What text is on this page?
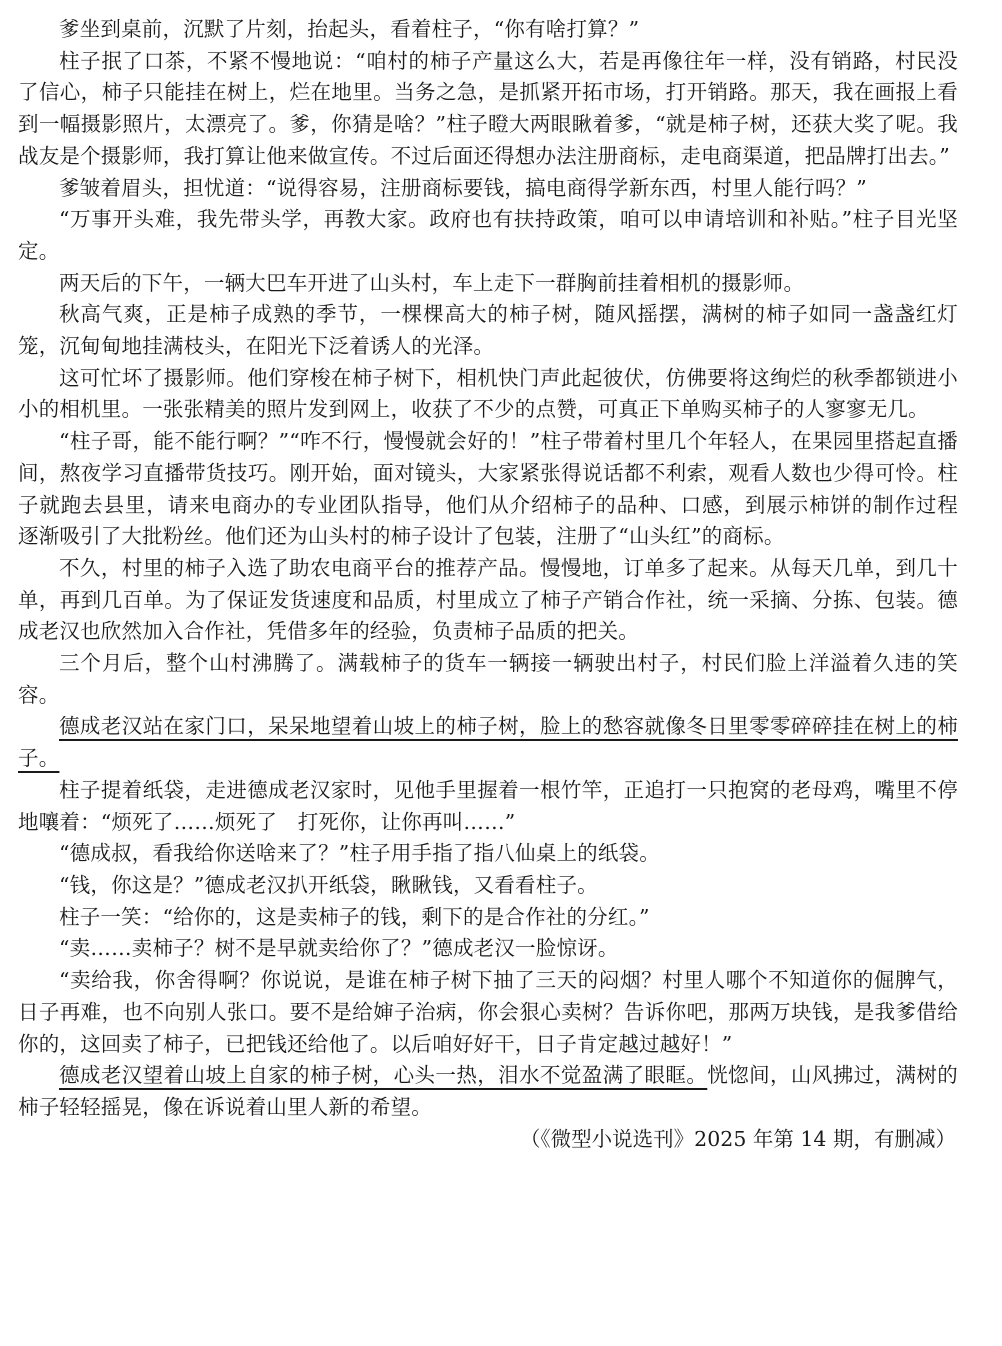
爹坐到桌前，沉默了片刻，抬起头，看着柱子，“你有啥打算？”

柱子抿了口茶，不紧不慢地说：“咱村的柿子产量这么大，若是再像往年一样，没有销路，村民没了信心，柿子只能挂在树上，烂在地里。当务之急，是抓紧开拓市场，打开销路。那天，我在画报上看到一幅摄影照片，太漂亮了。爹，你猜是啥？”柱子瞪大两眼瞅着爹，“就是柿子树，还获大奖了呢。我战友是个摄影师，我打算让他来做宣传。不过后面还得想办法注册商标，走电商渠道，把品牌打出去。”

爹皱着眉头，担忧道：“说得容易，注册商标要钱，搞电商得学新东西，村里人能行吗？”

“万事开头难，我先带头学，再教大家。政府也有扶持政策，咱可以申请培训和补贴。”柱子目光坚定。

两天后的下午，一辆大巴车开进了山头村，车上走下一群胸前挂着相机的摄影师。

秋高气爽，正是柿子成熟的季节，一棵棵高大的柿子树，随风摇摆，满树的柿子如同一盏盏红灯笼，沉甸甸地挂满枝头，在阳光下泛着诱人的光泽。

这可忙坏了摄影师。他们穿梭在柿子树下，相机快门声此起彼伏，仿佛要将这绚烂的秋季都锁进小小的相机里。一张张精美的照片发到网上，收获了不少的点赞，可真正下单购买柿子的人寥寥无几。

“柱子哥，能不能行啊？”“咋不行，慢慢就会好的！”柱子带着村里几个年轻人，在果园里搭起直播间，熬夜学习直播带货技巧。刚开始，面对镜头，大家紧张得说话都不利索，观看人数也少得可怜。柱子就跑去县里，请来电商办的专业团队指导，他们从介绍柿子的品种、口感，到展示柿饼的制作过程　逐渐吸引了大批粉丝。他们还为山头村的柿子设计了包装，注册了“山头红”的商标。

不久，村里的柿子入选了助农电商平台的推荐产品。慢慢地，订单多了起来。从每天几单，到几十单，再到几百单。为了保证发货速度和品质，村里成立了柿子产销合作社，统一采摘、分拣、包装。德成老汉也欣然加入合作社，凭借多年的经验，负责柿子品质的把关。

三个月后，整个山村沸腾了。满载柿子的货车一辆接一辆驶出村子，村民们脸上洋溢着久违的笑容。

德成老汉站在家门口，呆呆地望着山坡上的柿子树，脸上的愁容就像冬日里零零碎碎挂在树上的柿子。

柱子提着纸袋，走进德成老汉家时，见他手里握着一根竹竿，正追打一只抱窝的老母鸡，嘴里不停地嚷着：“烦死了……烦死了　打死你，让你再叫……”

“德成叔，看我给你送啥来了？”柱子用手指了指八仙桌上的纸袋。

“钱，你这是？”德成老汉扒开纸袋，瞅瞅钱，又看看柱子。

柱子一笑：“给你的，这是卖柿子的钱，剩下的是合作社的分红。”

“卖……卖柿子？树不是早就卖给你了？”德成老汉一脸惊讶。

“卖给我，你舍得啊？你说说，是谁在柿子树下抽了三天的闷烟？村里人哪个不知道你的倔脾气，日子再难，也不向别人张口。要不是给婶子治病，你会狠心卖树？告诉你吧，那两万块钱，是我爹借给你的，这回卖了柿子，已把钱还给他了。以后咱好好干，日子肯定越过越好！”

德成老汉望着山坡上自家的柿子树，心头一热，泪水不觉盈满了眼眶。恍惚间，山风拂过，满树的柿子轻轻摇晃，像在诉说着山里人新的希望。

（《微型小说选刊》2025 年第 14 期，有删减）
